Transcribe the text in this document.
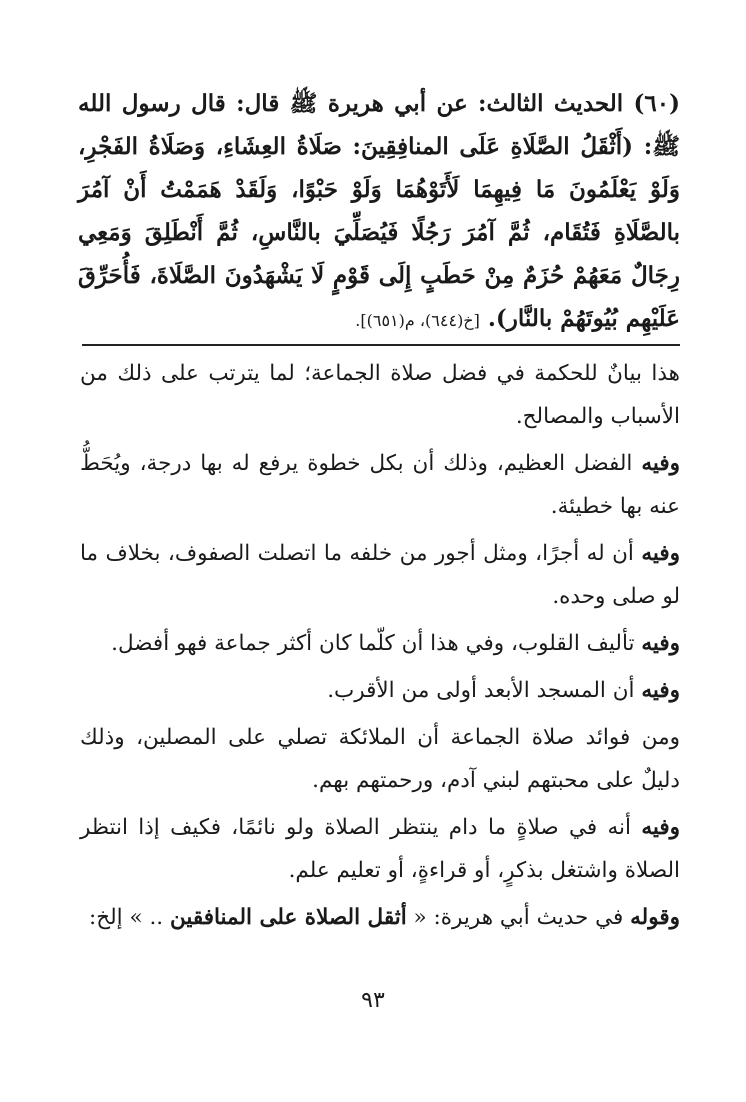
(٦٠) الحديث الثالث: عن أبي هريرة ﷺ قال: قال رسول الله ﷺ: (أَثْقَلُ الصَّلَاةِ عَلَى المنافِقِينَ: صَلَاةُ العِشَاءِ، وَصَلَاةُ الفَجْرِ، وَلَوْ يَعْلَمُونَ مَا فِيهِمَا لَأَتَوْهُمَا وَلَوْ حَبْوًا، وَلَقَدْ هَمَمْتُ أَنْ آمُرَ بالصَّلَاةِ فَتُقَام، ثُمَّ آمُرَ رَجُلًا فَيُصَلِّيَ بالنَّاسِ، ثُمَّ أَنْطَلِقَ وَمَعِي رِجَالٌ مَعَهُمْ حُزَمٌ مِنْ حَطَبٍ إِلَى قَوْمٍ لَا يَشْهَدُونَ الصَّلَاةَ، فَأُحَرِّقَ عَلَيْهِم بُيُوتَهُمْ بالنَّار). [خ(٦٤٤)، م(٦٥١)].

هذا بيانٌ للحكمة في فضل صلاة الجماعة؛ لما يترتب على ذلك من الأسباب والمصالح.

وفيه الفضل العظيم، وذلك أن بكل خطوة يرفع له بها درجة، ويُحَطُّ عنه بها خطيئة.

وفيه أن له أجرًا، ومثل أجور من خلفه ما اتصلت الصفوف، بخلاف ما لو صلى وحده.

وفيه تأليف القلوب، وفي هذا أن كلّما كان أكثر جماعة فهو أفضل.

وفيه أن المسجد الأبعد أولى من الأقرب.

ومن فوائد صلاة الجماعة أن الملائكة تصلي على المصلين، وذلك دليلٌ على محبتهم لبني آدم، ورحمتهم بهم.

وفيه أنه في صلاةٍ ما دام ينتظر الصلاة ولو نائمًا، فكيف إذا انتظر الصلاة واشتغل بذكرٍ، أو قراءةٍ، أو تعليم علم.

وقوله في حديث أبي هريرة: « أثقل الصلاة على المنافقين .. » إلخ:

٩٣
